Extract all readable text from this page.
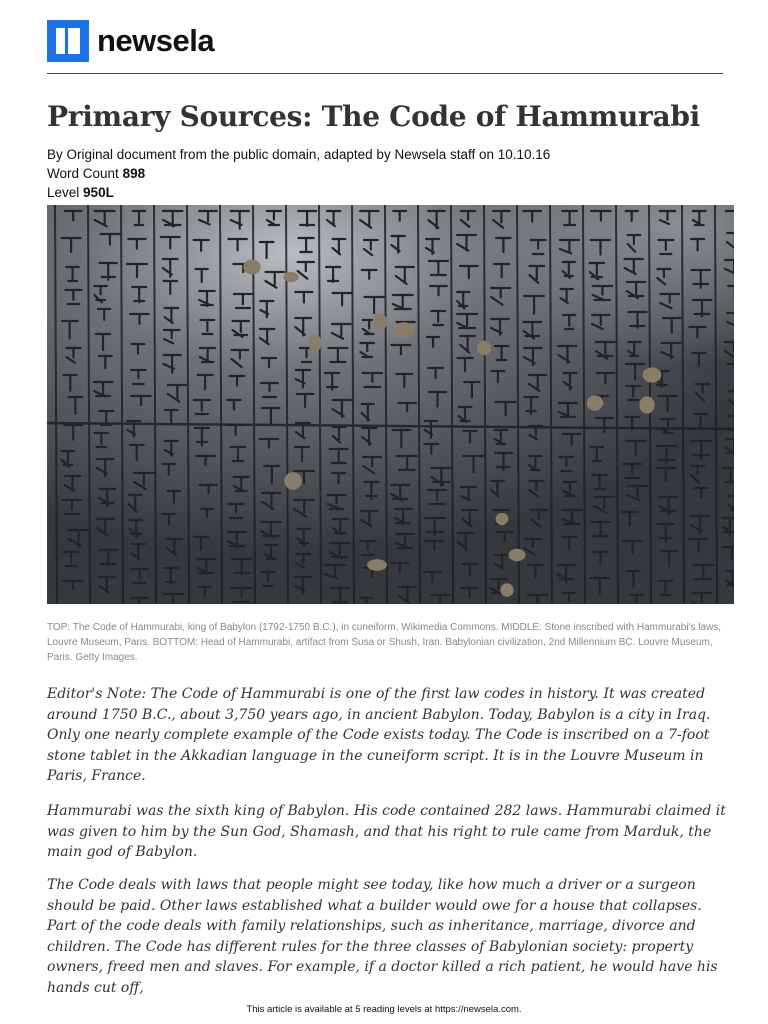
newsela
Primary Sources: The Code of Hammurabi
By Original document from the public domain, adapted by Newsela staff on 10.10.16
Word Count 898
Level 950L
TOP: The Code of Hammurabi, king of Babylon (1792-1750 B.C.), in cuneiform, Wikimedia Commons. MIDDLE: Stone inscribed with Hammurabi's laws, Louvre Museum, Paris. BOTTOM: Head of Hammurabi, artifact from Susa or Shush, Iran. Babylonian civilization, 2nd Millennium BC. Louvre Museum, Paris. Getty Images.

Editor's Note: The Code of Hammurabi is one of the first law codes in history. It was created around 1750 B.C., about 3,750 years ago, in ancient Babylon. Today, Babylon is a city in Iraq. Only one nearly complete example of the Code exists today. The Code is inscribed on a 7-foot stone tablet in the Akkadian language in the cuneiform script. It is in the Louvre Museum in Paris, France.

Hammurabi was the sixth king of Babylon. His code contained 282 laws. Hammurabi claimed it was given to him by the Sun God, Shamash, and that his right to rule came from Marduk, the main god of Babylon.

The Code deals with laws that people might see today, like how much a driver or a surgeon should be paid. Other laws established what a builder would owe for a house that collapses. Part of the code deals with family relationships, such as inheritance, marriage, divorce and children. The Code has different rules for the three classes of Babylonian society: property owners, freed men and slaves. For example, if a doctor killed a rich patient, he would have his hands cut off,

This article is available at 5 reading levels at https://newsela.com.
